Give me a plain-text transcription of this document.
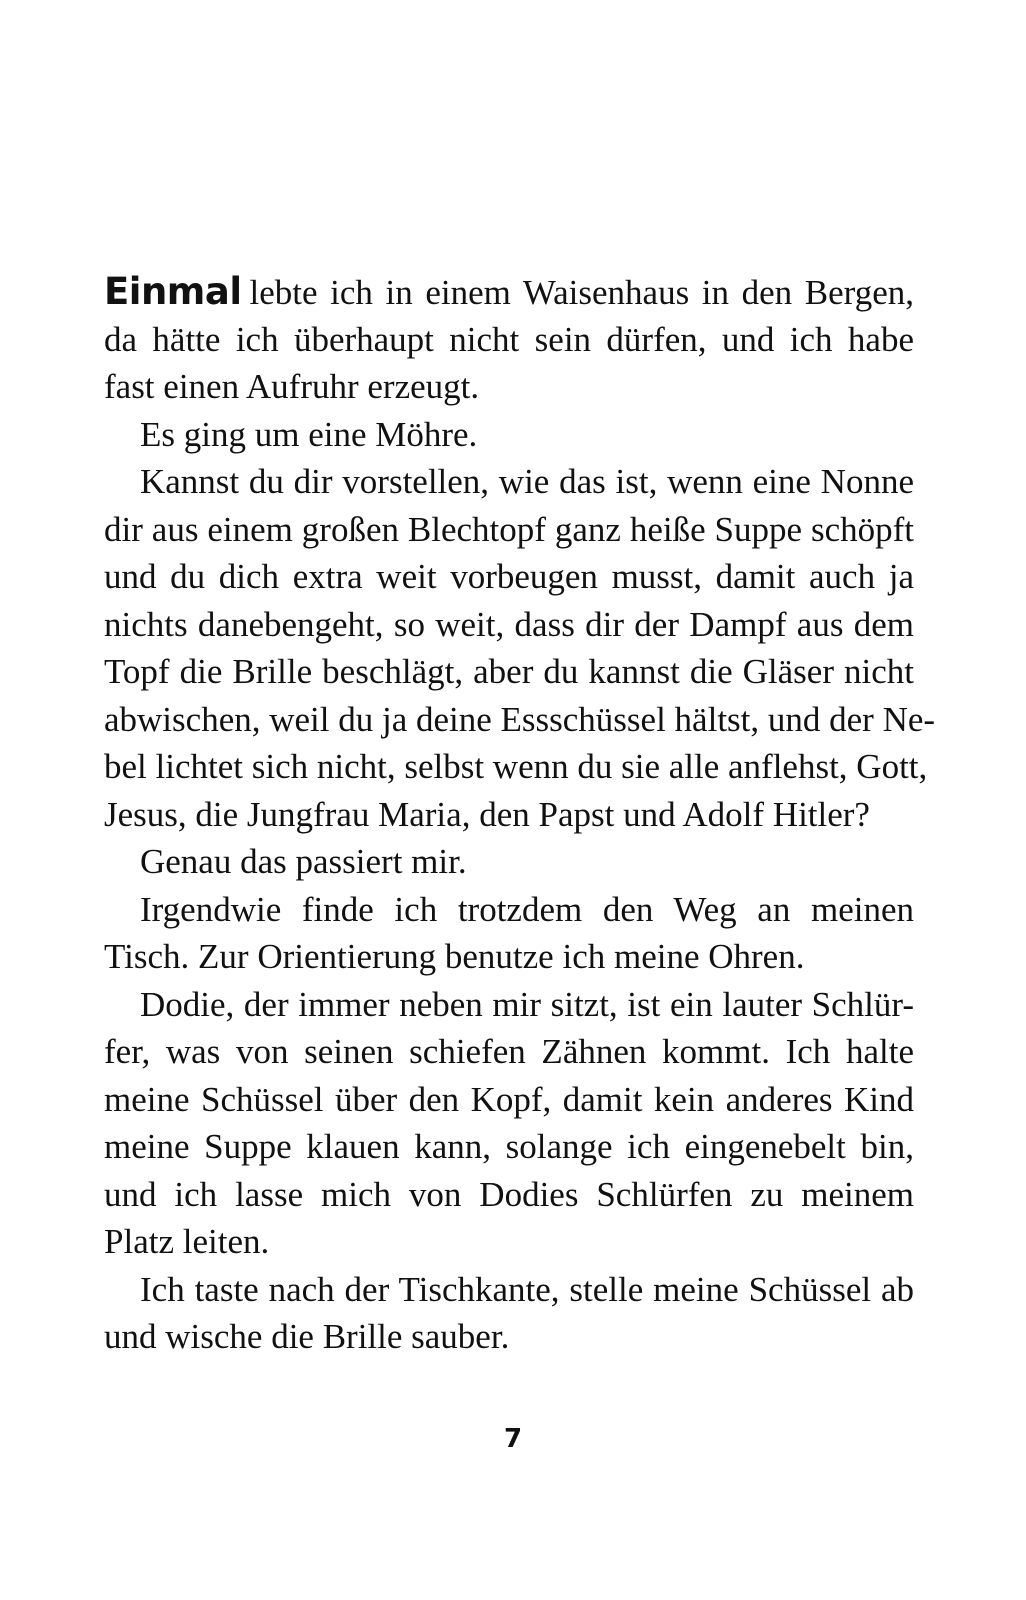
Einmal lebte ich in einem Waisenhaus in den Bergen,
da hätte ich überhaupt nicht sein dürfen, und ich habe
fast einen Aufruhr erzeugt.
Es ging um eine Möhre.
Kannst du dir vorstellen, wie das ist, wenn eine Nonne
dir aus einem großen Blechtopf ganz heiße Suppe schöpft
und du dich extra weit vorbeugen musst, damit auch ja
nichts danebengeht, so weit, dass dir der Dampf aus dem
Topf die Brille beschlägt, aber du kannst die Gläser nicht
abwischen, weil du ja deine Essschüssel hältst, und der Ne-
bel lichtet sich nicht, selbst wenn du sie alle anflehst, Gott,
Jesus, die Jungfrau Maria, den Papst und Adolf Hitler?
Genau das passiert mir.
Irgendwie finde ich trotzdem den Weg an meinen
Tisch. Zur Orientierung benutze ich meine Ohren.
Dodie, der immer neben mir sitzt, ist ein lauter Schlür-
fer, was von seinen schiefen Zähnen kommt. Ich halte
meine Schüssel über den Kopf, damit kein anderes Kind
meine Suppe klauen kann, solange ich eingenebelt bin,
und ich lasse mich von Dodies Schlürfen zu meinem
Platz leiten.
Ich taste nach der Tischkante, stelle meine Schüssel ab
und wische die Brille sauber.
7
